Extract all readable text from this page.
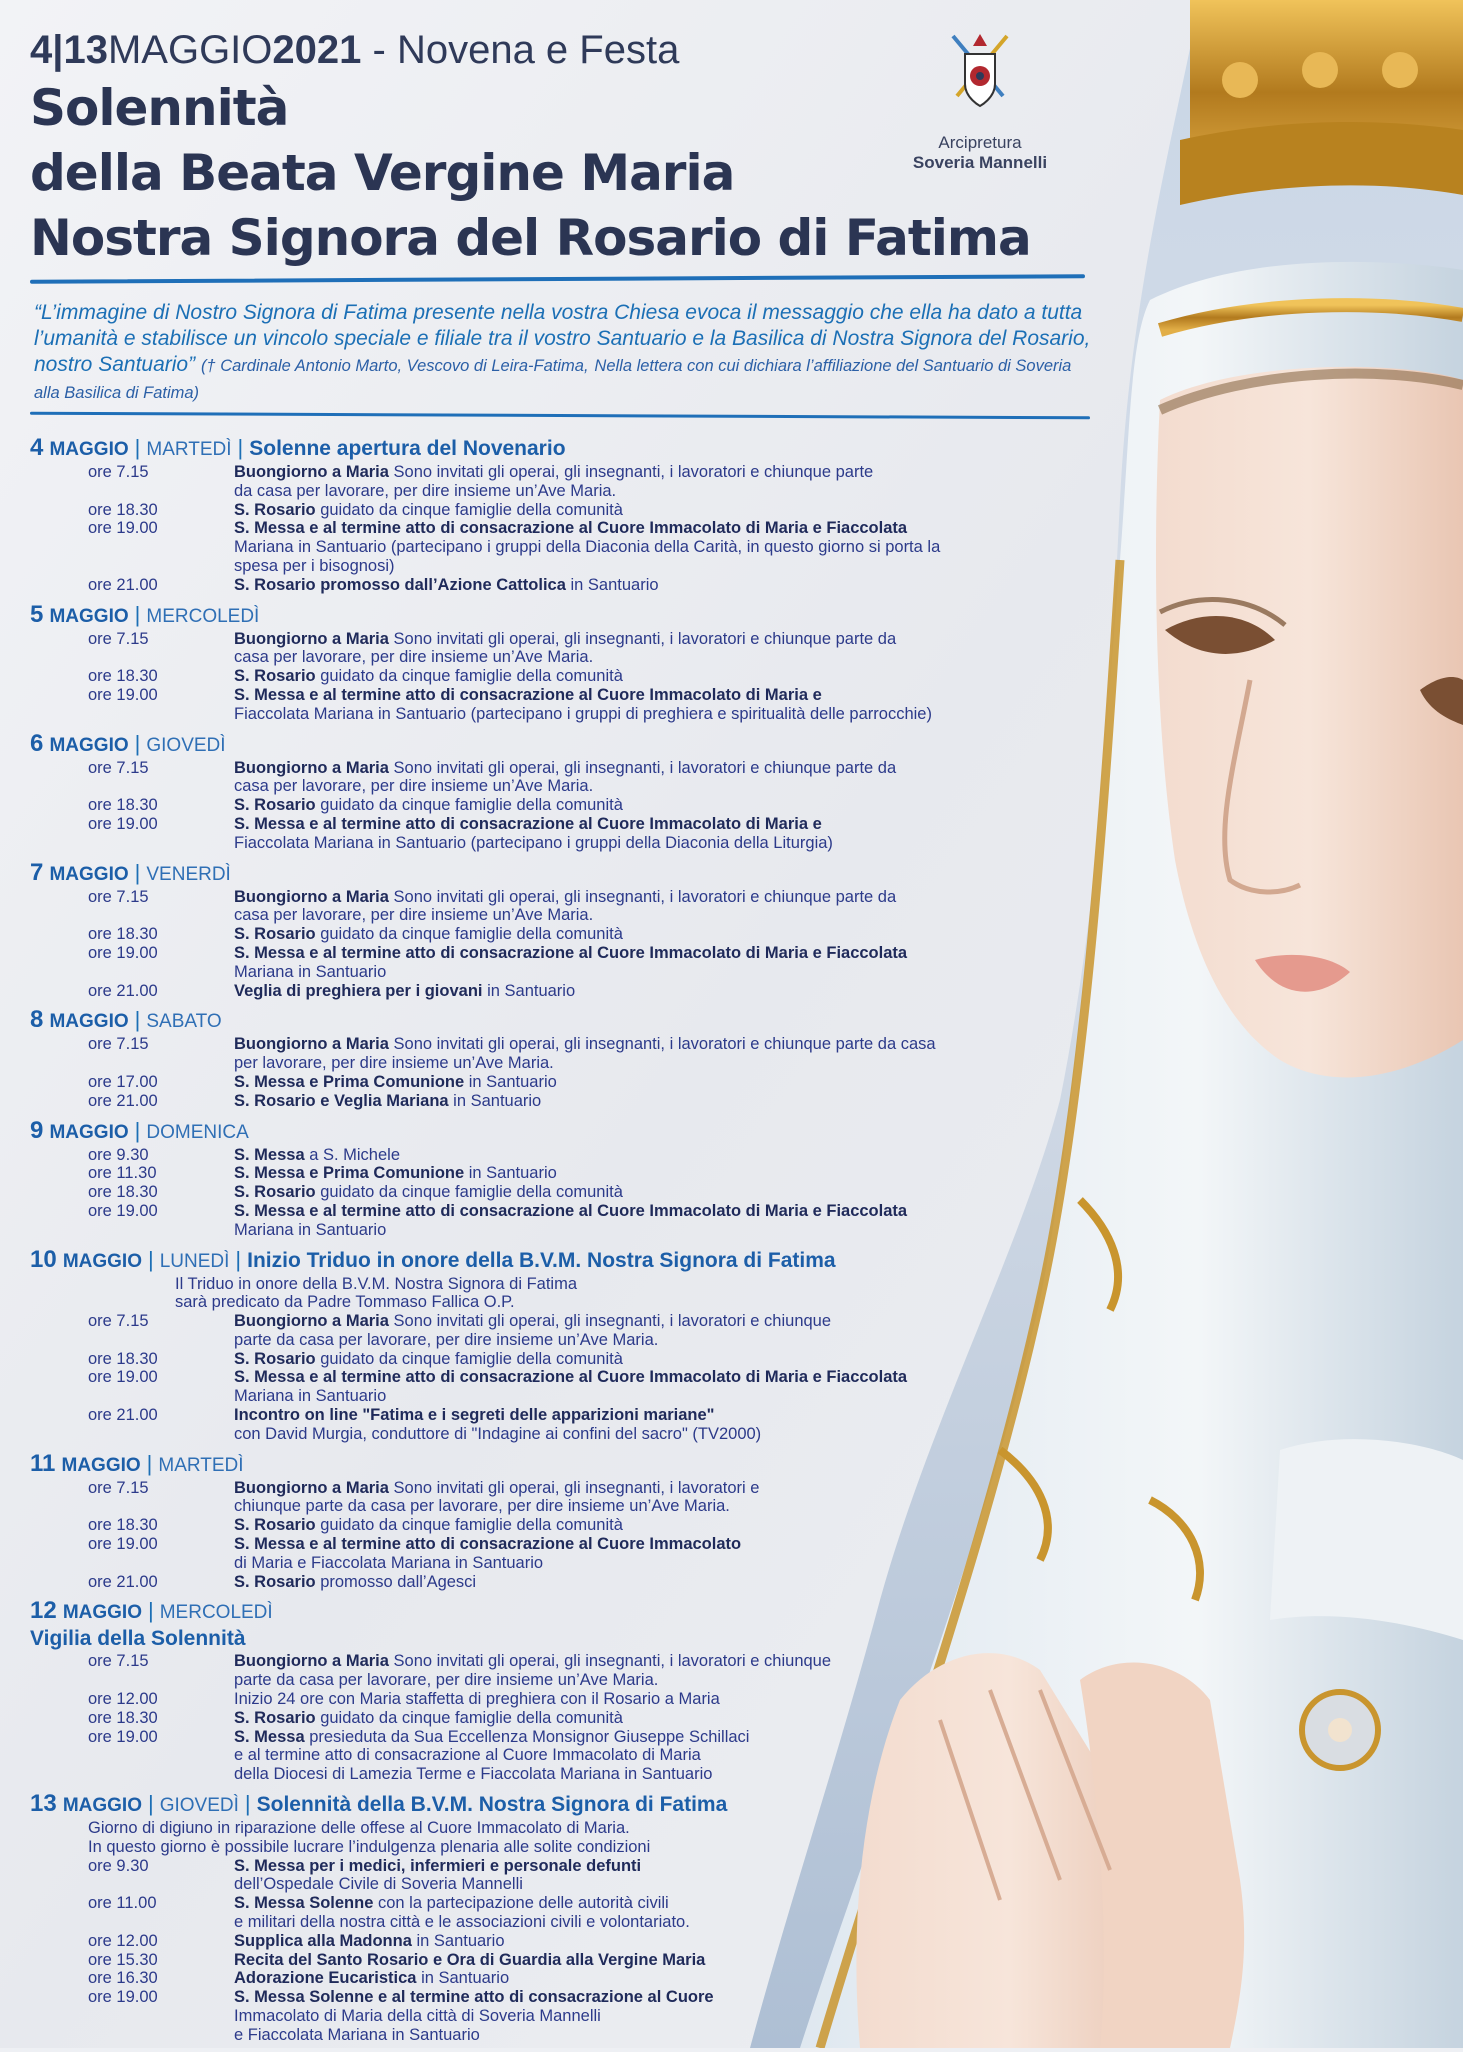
4|13MAGGIO2021 - Novena e Festa
Solennità
della Beata Vergine Maria
Nostra Signora del Rosario di Fatima
Arcipretura
Soveria Mannelli
“L’immagine di Nostro Signora di Fatima presente nella vostra Chiesa evoca il messaggio che ella ha dato a tutta l’umanità e stabilisce un vincolo speciale e filiale tra il vostro Santuario e la Basilica di Nostra Signora del Rosario, nostro Santuario” († Cardinale Antonio Marto, Vescovo di Leira-Fatima, Nella lettera con cui dichiara l’affiliazione del Santuario di Soveria alla Basilica di Fatima)
4 MAGGIO | MARTEDÌ | Solenne apertura del Novenario
ore 7.15	Buongiorno a Maria Sono invitati gli operai, gli insegnanti, i lavoratori e chiunque parte
da casa per lavorare, per dire insieme un’Ave Maria.
ore 18.30	S. Rosario guidato da cinque famiglie della comunità
ore 19.00	S. Messa e al termine atto di consacrazione al Cuore Immacolato di Maria e Fiaccolata
Mariana in Santuario (partecipano i gruppi della Diaconia della Carità, in questo giorno si porta la
spesa per i bisognosi)
ore 21.00	S. Rosario promosso dall’Azione Cattolica in Santuario
5 MAGGIO | MERCOLEDÌ
ore 7.15	Buongiorno a Maria Sono invitati gli operai, gli insegnanti, i lavoratori e chiunque parte da
casa per lavorare, per dire insieme un’Ave Maria.
ore 18.30	S. Rosario guidato da cinque famiglie della comunità
ore 19.00	S. Messa e al termine atto di consacrazione al Cuore Immacolato di Maria e
Fiaccolata Mariana in Santuario (partecipano i gruppi di preghiera e spiritualità delle parrocchie)
6 MAGGIO | GIOVEDÌ
ore 7.15	Buongiorno a Maria Sono invitati gli operai, gli insegnanti, i lavoratori e chiunque parte da
casa per lavorare, per dire insieme un’Ave Maria.
ore 18.30	S. Rosario guidato da cinque famiglie della comunità
ore 19.00	S. Messa e al termine atto di consacrazione al Cuore Immacolato di Maria e
Fiaccolata Mariana in Santuario (partecipano i gruppi della Diaconia della Liturgia)
7 MAGGIO | VENERDÌ
ore 7.15	Buongiorno a Maria Sono invitati gli operai, gli insegnanti, i lavoratori e chiunque parte da
casa per lavorare, per dire insieme un’Ave Maria.
ore 18.30	S. Rosario guidato da cinque famiglie della comunità
ore 19.00	S. Messa e al termine atto di consacrazione al Cuore Immacolato di Maria e Fiaccolata
Mariana in Santuario
ore 21.00	Veglia di preghiera per i giovani in Santuario
8 MAGGIO | SABATO
ore 7.15	Buongiorno a Maria Sono invitati gli operai, gli insegnanti, i lavoratori e chiunque parte da casa
per lavorare, per dire insieme un’Ave Maria.
ore 17.00	S. Messa e Prima Comunione in Santuario
ore 21.00	S. Rosario e Veglia Mariana in Santuario
9 MAGGIO | DOMENICA
ore 9.30	S. Messa a S. Michele
ore 11.30	S. Messa e Prima Comunione in Santuario
ore 18.30	S. Rosario guidato da cinque famiglie della comunità
ore 19.00	S. Messa e al termine atto di consacrazione al Cuore Immacolato di Maria e Fiaccolata
Mariana in Santuario
10 MAGGIO | LUNEDÌ | Inizio Triduo in onore della B.V.M. Nostra Signora di Fatima
Il Triduo in onore della B.V.M. Nostra Signora di Fatima
sarà predicato da Padre Tommaso Fallica O.P.
ore 7.15	Buongiorno a Maria Sono invitati gli operai, gli insegnanti, i lavoratori e chiunque
parte da casa per lavorare, per dire insieme un’Ave Maria.
ore 18.30	S. Rosario guidato da cinque famiglie della comunità
ore 19.00	S. Messa e al termine atto di consacrazione al Cuore Immacolato di Maria e Fiaccolata
Mariana in Santuario
ore 21.00	Incontro on line "Fatima e i segreti delle apparizioni mariane"
con David Murgia, conduttore di "Indagine ai confini del sacro" (TV2000)
11 MAGGIO | MARTEDÌ
ore 7.15	Buongiorno a Maria Sono invitati gli operai, gli insegnanti, i lavoratori e
chiunque parte da casa per lavorare, per dire insieme un’Ave Maria.
ore 18.30	S. Rosario guidato da cinque famiglie della comunità
ore 19.00	S. Messa e al termine atto di consacrazione al Cuore Immacolato
di Maria e Fiaccolata Mariana in Santuario
ore 21.00	S. Rosario promosso dall’Agesci
12 MAGGIO | MERCOLEDÌ
Vigilia della Solennità
ore 7.15	Buongiorno a Maria Sono invitati gli operai, gli insegnanti, i lavoratori e chiunque
parte da casa per lavorare, per dire insieme un’Ave Maria.
ore 12.00	Inizio 24 ore con Maria staffetta di preghiera con il Rosario a Maria
ore 18.30	S. Rosario guidato da cinque famiglie della comunità
ore 19.00	S. Messa presieduta da Sua Eccellenza Monsignor Giuseppe Schillaci
e al termine atto di consacrazione al Cuore Immacolato di Maria
della Diocesi di Lamezia Terme e Fiaccolata Mariana in Santuario
13 MAGGIO | GIOVEDÌ | Solennità della B.V.M. Nostra Signora di Fatima
Giorno di digiuno in riparazione delle offese al Cuore Immacolato di Maria.
In questo giorno è possibile lucrare l’indulgenza plenaria alle solite condizioni
ore 9.30	S. Messa per i medici, infermieri e personale defunti
dell’Ospedale Civile di Soveria Mannelli
ore 11.00	S. Messa Solenne con la partecipazione delle autorità civili
e militari della nostra città e le associazioni civili e volontariato.
ore 12.00	Supplica alla Madonna in Santuario
ore 15.30	Recita del Santo Rosario e Ora di Guardia alla Vergine Maria
ore 16.30	Adorazione Eucaristica in Santuario
ore 19.00	S. Messa Solenne e al termine atto di consacrazione al Cuore
Immacolato di Maria della città di Soveria Mannelli
e Fiaccolata Mariana in Santuario
